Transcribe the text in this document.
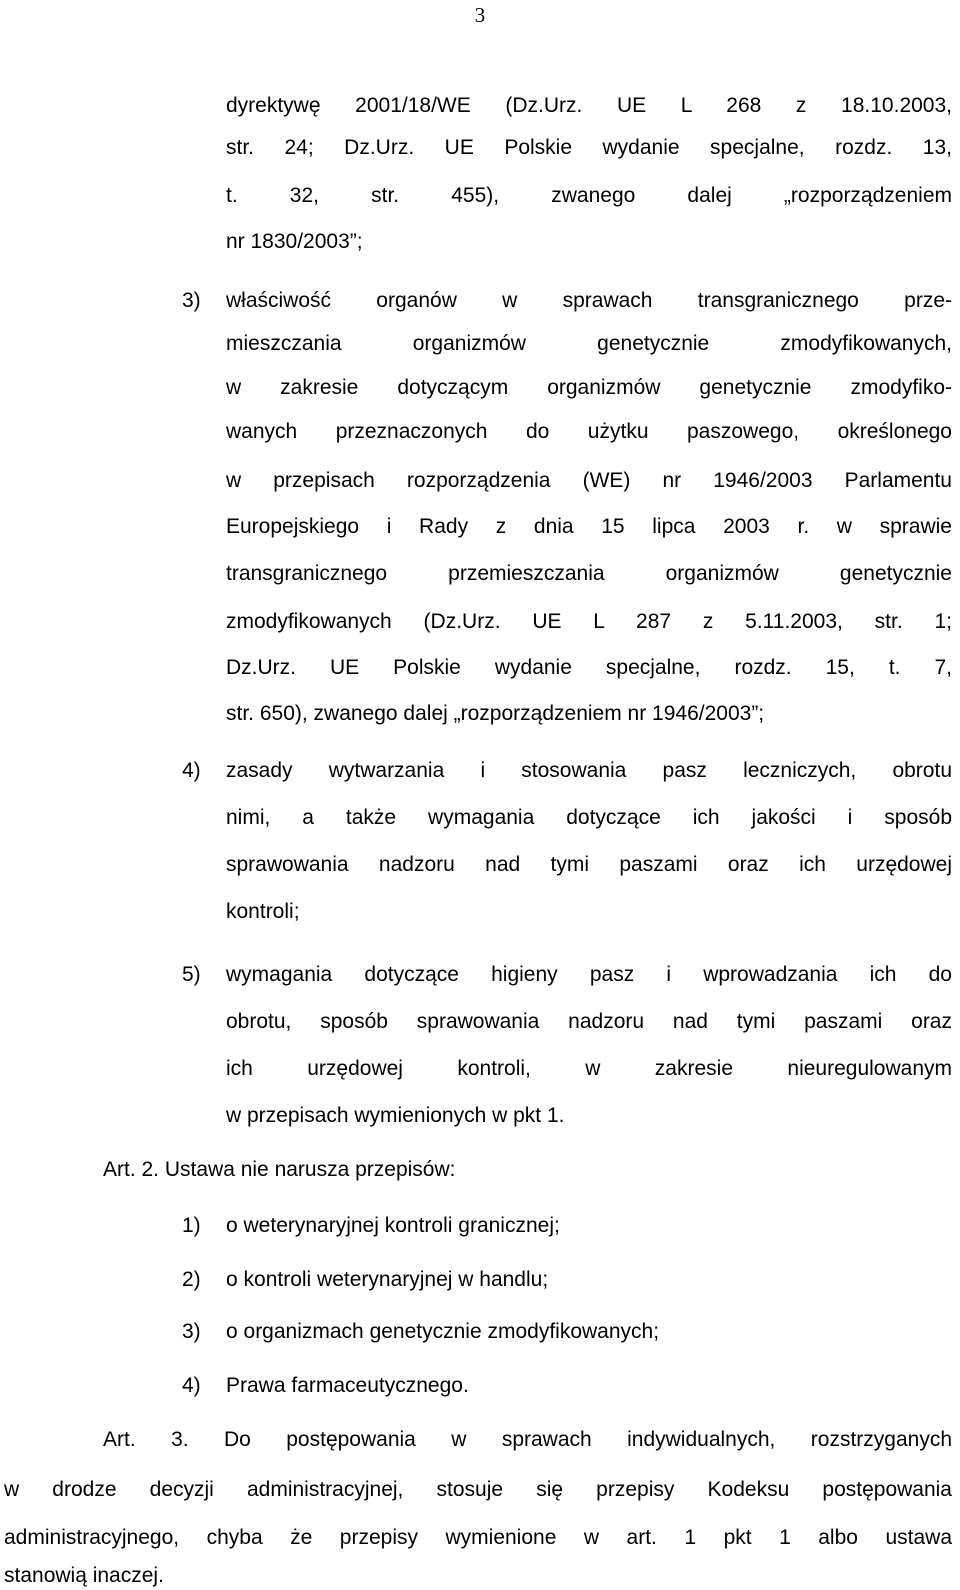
3
dyrektywę 2001/18/WE (Dz.Urz. UE L 268 z 18.10.2003,
str. 24; Dz.Urz. UE Polskie wydanie specjalne, rozdz. 13,
t. 32, str. 455), zwanego dalej „rozporządzeniem
nr 1830/2003”;
3) właściwość organów w sprawach transgranicznego prze-
mieszczania organizmów genetycznie zmodyfikowanych,
w zakresie dotyczącym organizmów genetycznie zmodyfiko-
wanych przeznaczonych do użytku paszowego, określonego
w przepisach rozporządzenia (WE) nr 1946/2003 Parlamentu
Europejskiego i Rady z dnia 15 lipca 2003 r. w sprawie
transgranicznego przemieszczania organizmów genetycznie
zmodyfikowanych (Dz.Urz. UE L 287 z 5.11.2003, str. 1;
Dz.Urz. UE Polskie wydanie specjalne, rozdz. 15, t. 7,
str. 650), zwanego dalej „rozporządzeniem nr 1946/2003”;
4) zasady wytwarzania i stosowania pasz leczniczych, obrotu
nimi, a także wymagania dotyczące ich jakości i sposób
sprawowania nadzoru nad tymi paszami oraz ich urzędowej
kontroli;
5) wymagania dotyczące higieny pasz i wprowadzania ich do
obrotu, sposób sprawowania nadzoru nad tymi paszami oraz
ich urzędowej kontroli, w zakresie nieuregulowanym
w przepisach wymienionych w pkt 1.
Art. 2. Ustawa nie narusza przepisów:
1) o weterynaryjnej kontroli granicznej;
2) o kontroli weterynaryjnej w handlu;
3) o organizmach genetycznie zmodyfikowanych;
4) Prawa farmaceutycznego.
Art. 3. Do postępowania w sprawach indywidualnych, rozstrzyganych
w drodze decyzji administracyjnej, stosuje się przepisy Kodeksu postępowania
administracyjnego, chyba że przepisy wymienione w art. 1 pkt 1 albo ustawa
stanowią inaczej.
